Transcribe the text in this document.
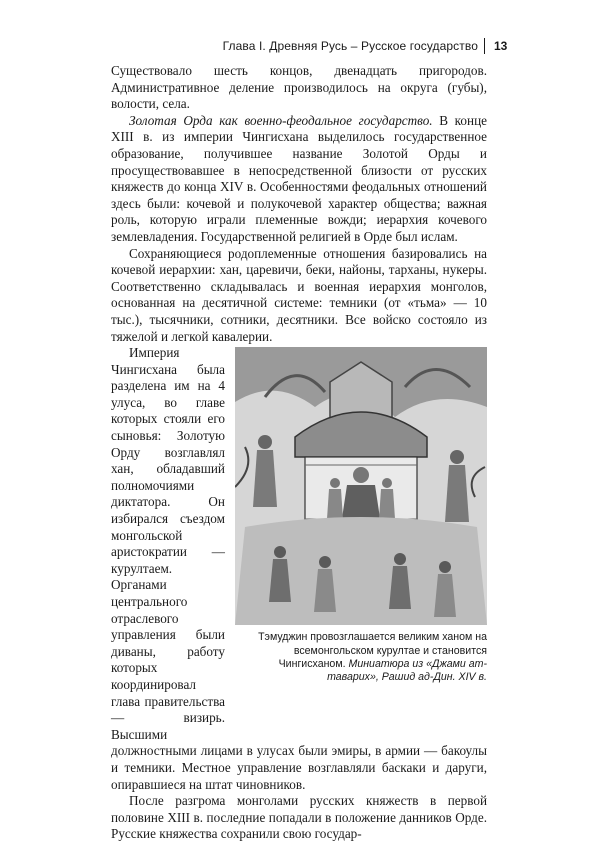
Глава I. Древняя Русь – Русское государство 13

Существовало шесть концов, двенадцать пригородов. Административное деление производилось на округа (губы), волости, села.

Золотая Орда как военно-феодальное государство. В конце XIII в. из империи Чингисхана выделилось государственное образование, получившее название Золотой Орды и просуществовавшее в непосредственной близости от русских княжеств до конца XIV в. Особенностями феодальных отношений здесь были: кочевой и полукочевой характер общества; важная роль, которую играли племенные вожди; иерархия кочевого землевладения. Государственной религией в Орде был ислам.

Сохраняющиеся родоплеменные отношения базировались на кочевой иерархии: хан, царевичи, беки, найоны, тарханы, нукеры. Соответственно складывалась и военная иерархия монголов, основанная на десятичной системе: темники (от «тьма» — 10 тыс.), тысячники, сотники, десятники. Все войско состояло из тяжелой и легкой кавалерии.

Тэмуджин провозглашается великим ханом на всемонгольском курултае и становится Чингисханом. Миниатюра из «Джами ат-таварих», Рашид ад-Дин. XIV в.
Империя Чингисхана была разделена им на 4 улуса, во главе которых стояли его сыновья: Золотую Орду возглавлял хан, обладавший полномочиями диктатора. Он избирался съездом монгольской аристократии — курултаем. Органами центрального отраслевого управления были диваны, работу которых координировал глава правительства — визирь. Высшими должностными лицами в улусах были эмиры, в армии — бакоулы и темники. Местное управление возглавляли баскаки и даруги, опиравшиеся на штат чиновников.

После разгрома монголами русских княжеств в первой половине XIII в. последние попадали в положение данников Орде. Русские княжества сохранили свою государ-
